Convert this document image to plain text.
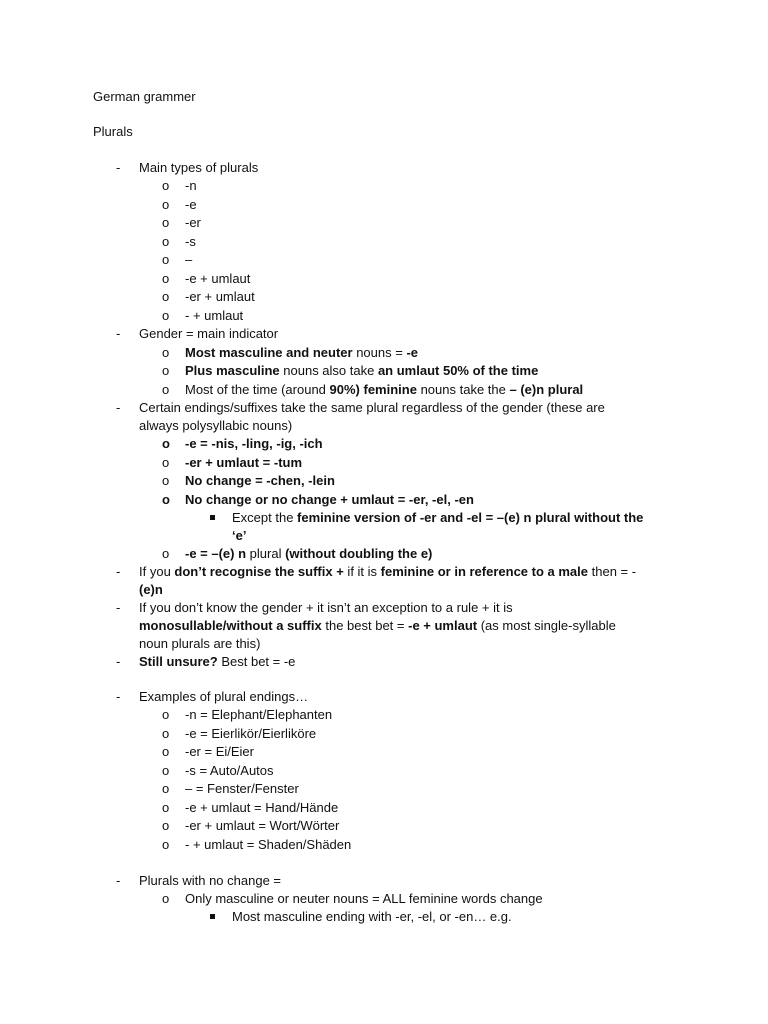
German grammer
Plurals
- Main types of plurals
o -n
o -e
o -er
o -s
o –
o -e + umlaut
o -er + umlaut
o - + umlaut
- Gender = main indicator
o Most masculine and neuter nouns = -e
o Plus masculine nouns also take an umlaut 50% of the time
o Most of the time (around 90%) feminine nouns take the – (e)n plural
- Certain endings/suffixes take the same plural regardless of the gender (these are
always polysyllabic nouns)
o -e = -nis, -ling, -ig, -ich
o -er + umlaut = -tum
o No change = -chen, -lein
o No change or no change + umlaut = -er, -el, -en
Except the feminine version of -er and -el = –(e) n plural without the
‘e’
o -e = –(e) n plural (without doubling the e)
- If you don’t recognise the suffix + if it is feminine or in reference to a male then = -
(e)n
- If you don’t know the gender + it isn’t an exception to a rule + it is
monosullable/without a suffix the best bet = -e + umlaut (as most single-syllable
noun plurals are this)
- Still unsure? Best bet = -e
- Examples of plural endings…
o -n = Elephant/Elephanten
o -e = Eierlikör/Eierliköre
o -er = Ei/Eier
o -s = Auto/Autos
o – = Fenster/Fenster
o -e + umlaut = Hand/Hände
o -er + umlaut = Wort/Wörter
o - + umlaut = Shaden/Shäden
- Plurals with no change =
o Only masculine or neuter nouns = ALL feminine words change
Most masculine ending with -er, -el, or -en… e.g.
